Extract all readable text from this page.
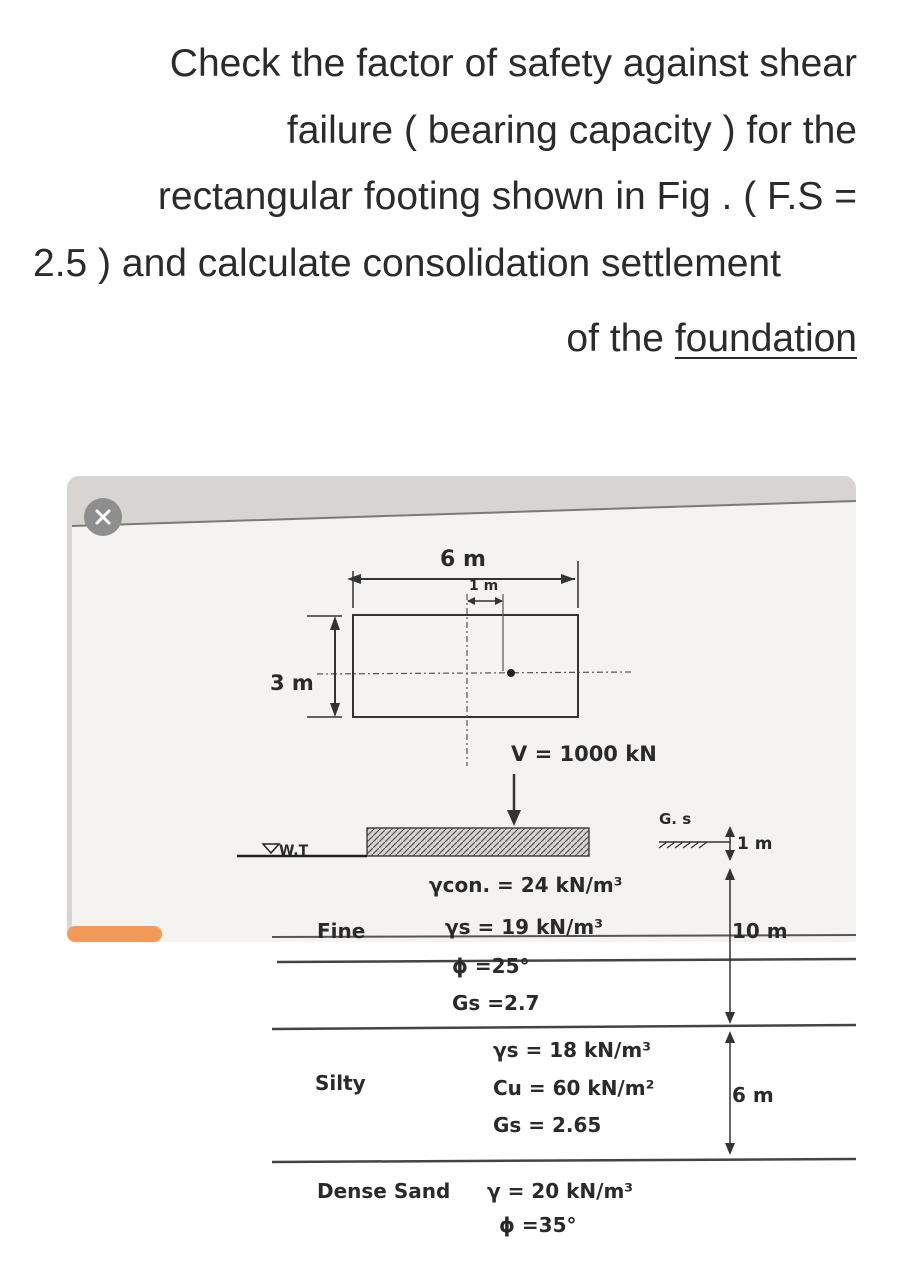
Check the factor of safety against shear
failure ( bearing capacity ) for the
rectangular footing shown in Fig . ( F.S =
2.5 ) and calculate consolidation settlement
of the foundation
6 m
1 m
3 m
V = 1000 kN
G. s
1 m
W.T
Fine
γcon. = 24 kN/m³
γs = 19 kN/m³
ϕ =25°
Gs =2.7
10 m
Silty
γs = 18 kN/m³
Cu = 60 kN/m²
Gs = 2.65
6 m
Dense Sand γ = 20 kN/m³
ϕ =35°
